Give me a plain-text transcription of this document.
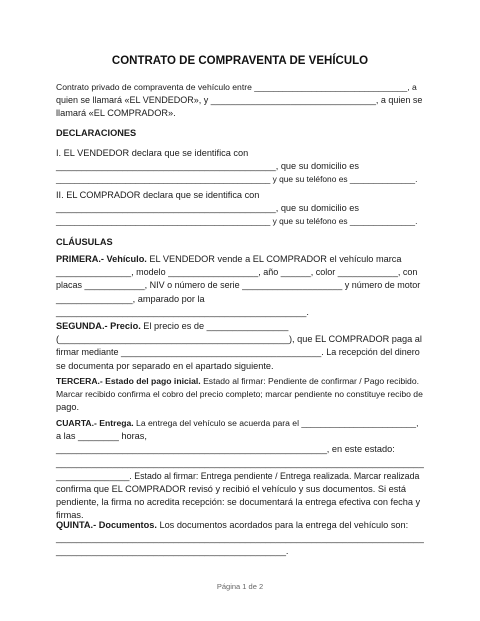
CONTRATO DE COMPRAVENTA DE VEHÍCULO
Contrato privado de compraventa de vehículo entre ________________________________, a
quien se llamará «EL VENDEDOR», y _________________________________, a quien se
llamará «EL COMPRADOR».
DECLARACIONES
I. EL VENDEDOR declara que se identifica con
___________________________________________, que su domicilio es
______________________________________________ y que su teléfono es ______________.
II. EL COMPRADOR declara que se identifica con
___________________________________________, que su domicilio es
______________________________________________ y que su teléfono es ______________.
CLÁUSULAS
PRIMERA.- Vehículo. EL VENDEDOR vende a EL COMPRADOR el vehículo marca
_______________, modelo __________________, año ______, color ____________, con
placas ____________, NIV o número de serie ____________________ y número de motor
_______________, amparado por la
_________________________________________________.
SEGUNDA.- Precio. El precio es de ________________
(_____________________________________________), que EL COMPRADOR paga al
firmar mediante ________________________________________. La recepción del dinero
se documenta por separado en el apartado siguiente.
TERCERA.- Estado del pago inicial. Estado al firmar: Pendiente de confirmar / Pago recibido.
Marcar recibido confirma el cobro del precio completo; marcar pendiente no constituye recibo de
pago.
CUARTA.- Entrega. La entrega del vehículo se acuerda para el ________________________,
a las ________ horas,
_____________________________________________________, en este estado:
________________________________________________________________________
_______________. Estado al firmar: Entrega pendiente / Entrega realizada. Marcar realizada
confirma que EL COMPRADOR revisó y recibió el vehículo y sus documentos. Si está
pendiente, la firma no acredita recepción: se documentará la entrega efectiva con fecha y
firmas.
QUINTA.- Documentos. Los documentos acordados para la entrega del vehículo son:
________________________________________________________________________
_____________________________________________.
Página 1 de 2
